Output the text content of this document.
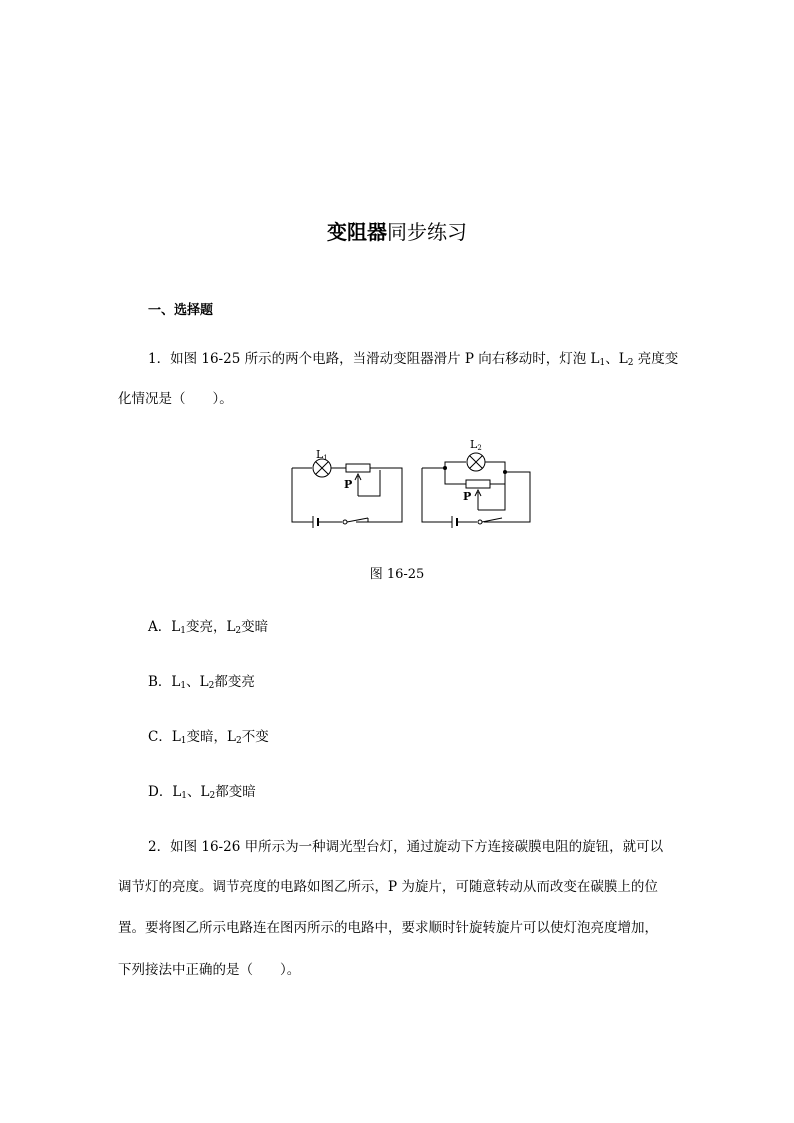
变阻器同步练习
一、选择题
1．如图 16-25 所示的两个电路，当滑动变阻器滑片 P 向右移动时，灯泡 $L_1$、$L_2$ 亮度变
化情况是（　　）。
L1
L2
P
P
图 16-25
A．$L_1$变亮，$L_2$变暗
B．$L_1$、$L_2$都变亮
C．$L_1$变暗，$L_2$不变
D．$L_1$、$L_2$都变暗
2．如图 16-26 甲所示为一种调光型台灯，通过旋动下方连接碳膜电阻的旋钮，就可以
调节灯的亮度。调节亮度的电路如图乙所示，P 为旋片，可随意转动从而改变在碳膜上的位
置。要将图乙所示电路连在图丙所示的电路中，要求顺时针旋转旋片可以使灯泡亮度增加，
下列接法中正确的是（　　）。
